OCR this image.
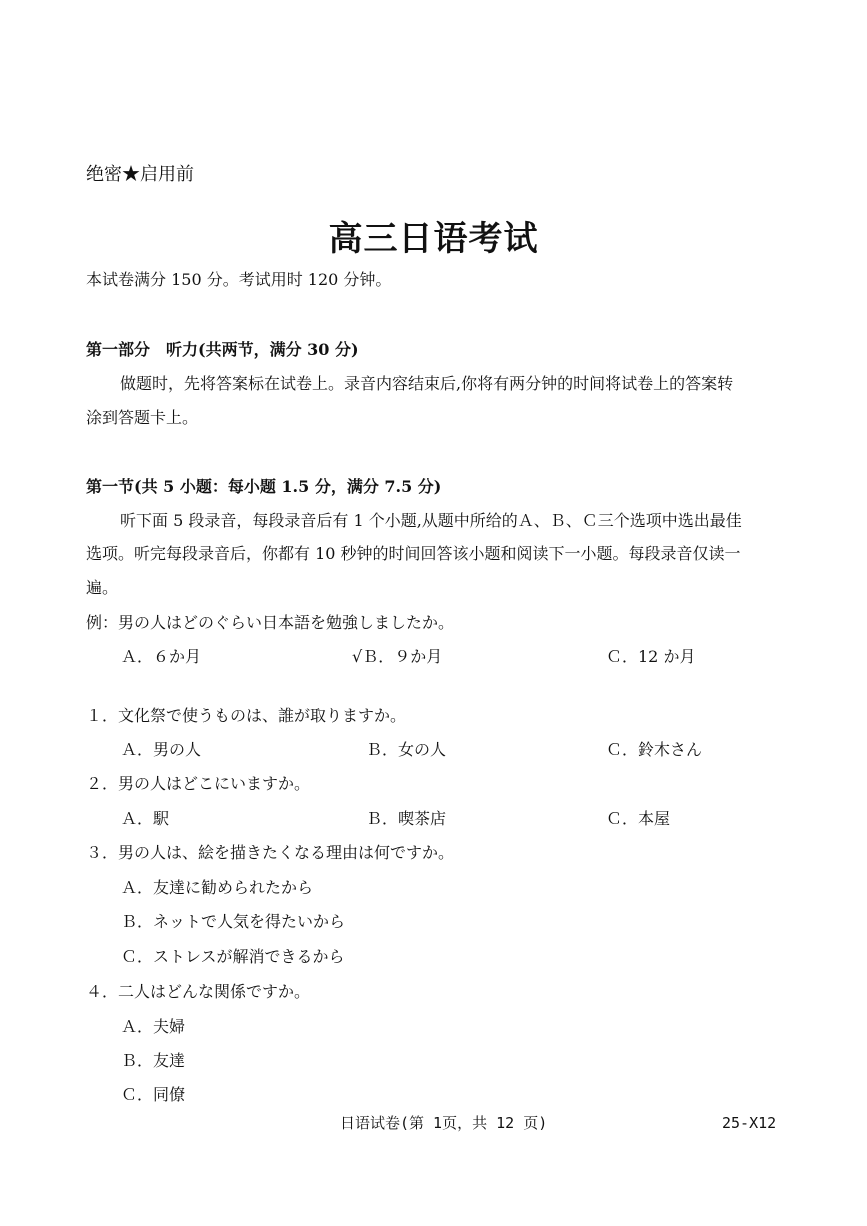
绝密★启用前
高三日语考试
本试卷满分 150 分。考试用时 120 分钟。
第一部分　听力(共两节，满分 30 分)
做题时，先将答案标在试卷上。录音内容结束后,你将有两分钟的时间将试卷上的答案转
涂到答题卡上。
第一节(共 5 小题：每小题 1.5 分，满分 7.5 分)
听下面 5 段录音，每段录音后有 1 个小题,从题中所给的Ａ、Ｂ、Ｃ三个选项中选出最佳
选项。听完每段录音后，你都有 10 秒钟的时间回答该小题和阅读下一小题。每段录音仅读一
遍。
例：男の人はどのぐらい日本語を勉強しましたか。
Ａ．６か月	√Ｂ．９か月	Ｃ．12 か月
１．文化祭で使うものは、誰が取りますか。
Ａ．男の人	Ｂ．女の人	Ｃ．鈴木さん
２．男の人はどこにいますか。
Ａ．駅	Ｂ．喫茶店	Ｃ．本屋
３．男の人は、絵を描きたくなる理由は何ですか。
Ａ．友達に勧められたから
Ｂ．ネットで人気を得たいから
Ｃ．ストレスが解消できるから
４．二人はどんな関係ですか。
Ａ．夫婦
Ｂ．友達
Ｃ．同僚
日语试卷(第 1页，共 12 页)	25-X12
